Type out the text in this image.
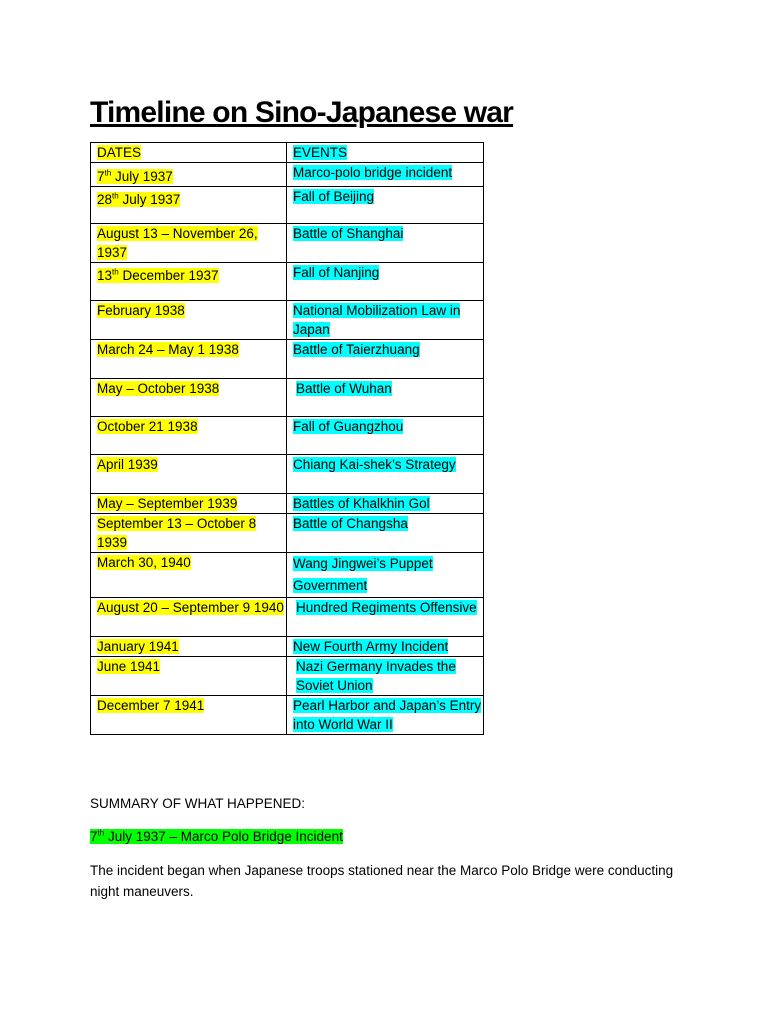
Timeline on Sino-Japanese war
DATES	EVENTS
7th July 1937	Marco-polo bridge incident
28th July 1937	Fall of Beijing
August 13 – November 26, 1937	Battle of Shanghai
13th December 1937	Fall of Nanjing
February 1938	National Mobilization Law in Japan
March 24 – May 1 1938	Battle of Taierzhuang
May – October 1938	Battle of Wuhan
October 21 1938	Fall of Guangzhou
April 1939	Chiang Kai-shek’s Strategy
May – September 1939	Battles of Khalkhin Gol
September 13 – October 8 1939	Battle of Changsha
March 30, 1940	Wang Jingwei’s Puppet Government
August 20 – September 9 1940	Hundred Regiments Offensive
January 1941	New Fourth Army Incident
June 1941	Nazi Germany Invades the Soviet Union
December 7 1941	Pearl Harbor and Japan’s Entry into World War II

SUMMARY OF WHAT HAPPENED:

7th July 1937 – Marco Polo Bridge Incident

The incident began when Japanese troops stationed near the Marco Polo Bridge were conducting night maneuvers.
